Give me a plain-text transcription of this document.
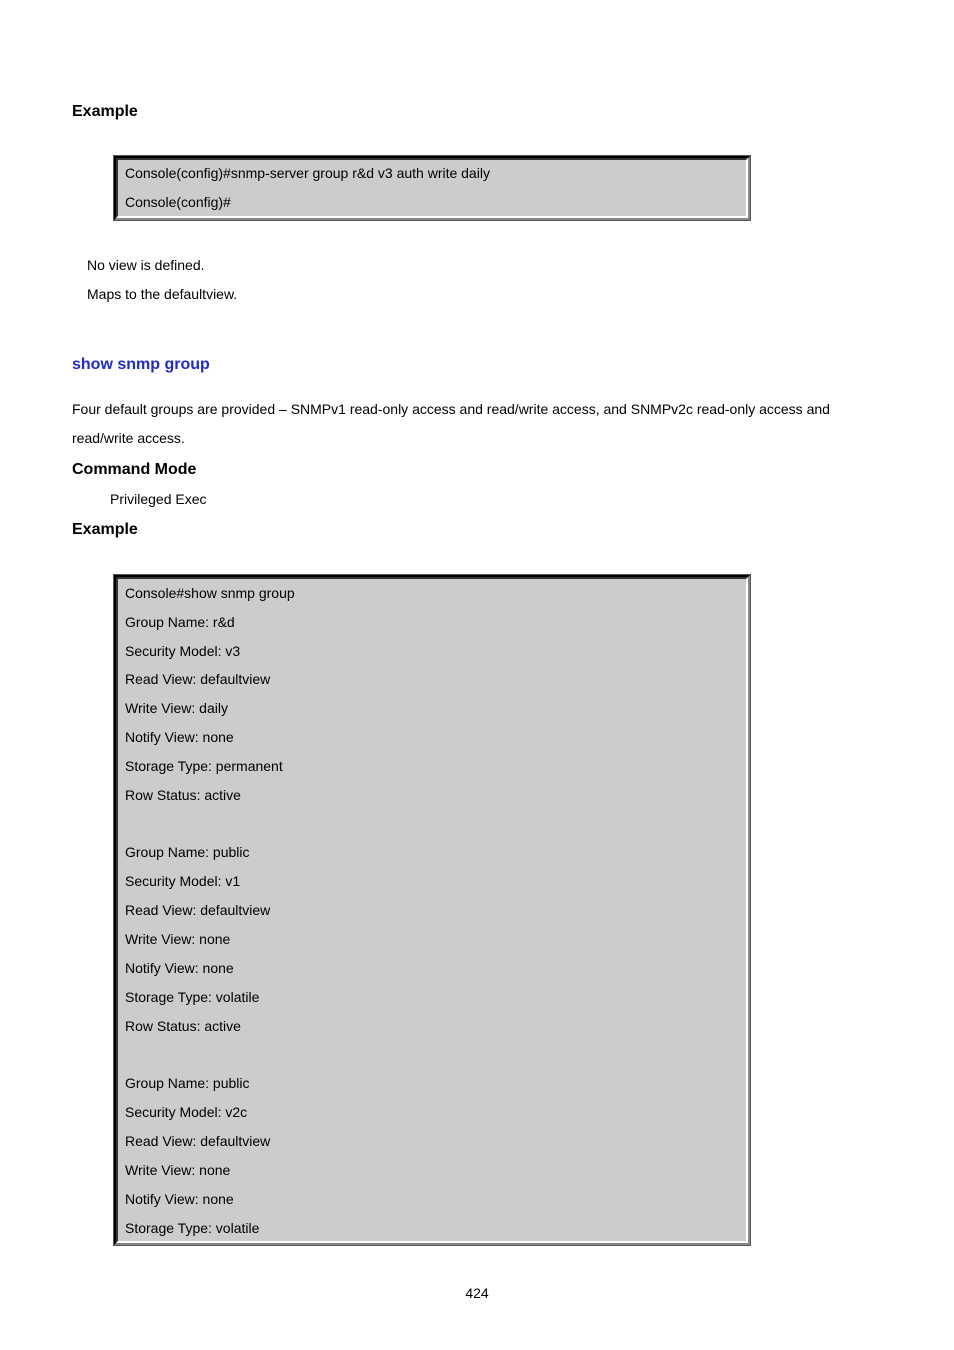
Example
Console(config)#snmp-server group r&d v3 auth write daily
Console(config)#
No view is defined.
Maps to the defaultview.
show snmp group
Four default groups are provided – SNMPv1 read-only access and read/write access, and SNMPv2c read-only access and
read/write access.
Command Mode
Privileged Exec
Example
Console#show snmp group
Group Name: r&d
Security Model: v3
Read View: defaultview
Write View: daily
Notify View: none
Storage Type: permanent
Row Status: active
Group Name: public
Security Model: v1
Read View: defaultview
Write View: none
Notify View: none
Storage Type: volatile
Row Status: active
Group Name: public
Security Model: v2c
Read View: defaultview
Write View: none
Notify View: none
Storage Type: volatile
424
